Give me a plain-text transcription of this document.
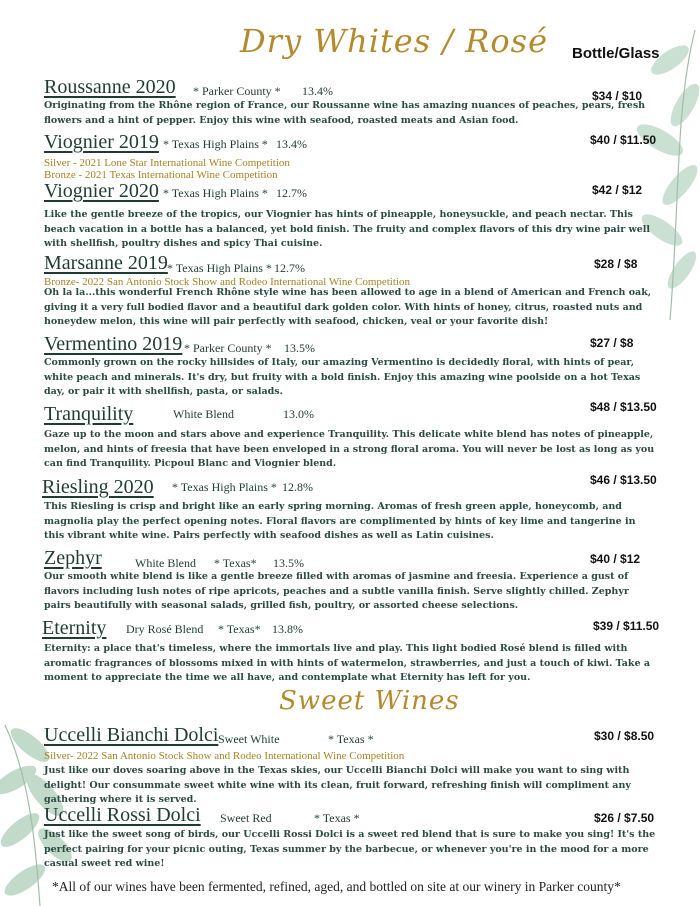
Dry Whites / Rosé Bottle/Glass
Roussanne 2020 * Parker County * 13.4%	$34 / $10
Originating from the Rhône region of France, our Roussanne wine has amazing nuances of peaches, pears, fresh flowers and a hint of pepper. Enjoy this wine with seafood, roasted meats and Asian food.
Viognier 2019 * Texas High Plains * 13.4%	$40 / $11.50
Silver - 2021 Lone Star International Wine Competition
Bronze - 2021 Texas International Wine Competition
Viognier 2020 * Texas High Plains * 12.7%	$42 / $12
Like the gentle breeze of the tropics, our Viognier has hints of pineapple, honeysuckle, and peach nectar. This beach vacation in a bottle has a balanced, yet bold finish. The fruity and complex flavors of this dry wine pair well with shellfish, poultry dishes and spicy Thai cuisine.
Marsanne 2019 * Texas High Plains * 12.7%	$28 / $8
Bronze- 2022 San Antonio Stock Show and Rodeo International Wine Competition
Oh la la...this wonderful French Rhône style wine has been allowed to age in a blend of American and French oak, giving it a very full bodied flavor and a beautiful dark golden color. With hints of honey, citrus, roasted nuts and honeydew melon, this wine will pair perfectly with seafood, chicken, veal or your favorite dish!
Vermentino 2019 * Parker County * 13.5%	$27 / $8
Commonly grown on the rocky hillsides of Italy, our amazing Vermentino is decidedly floral, with hints of pear, white peach and minerals. It's dry, but fruity with a bold finish. Enjoy this amazing wine poolside on a hot Texas day, or pair it with shellfish, pasta, or salads.
Tranquility	White Blend	13.0%	$48 / $13.50
Gaze up to the moon and stars above and experience Tranquility. This delicate white blend has notes of pineapple, melon, and hints of freesia that have been enveloped in a strong floral aroma. You will never be lost as long as you can find Tranquility. Picpoul Blanc and Viognier blend.
Riesling 2020 * Texas High Plains * 12.8%	$46 / $13.50
This Riesling is crisp and bright like an early spring morning. Aromas of fresh green apple, honeycomb, and magnolia play the perfect opening notes. Floral flavors are complimented by hints of key lime and tangerine in this vibrant white wine. Pairs perfectly with seafood dishes as well as Latin cuisines.
Zephyr	White Blend * Texas* 13.5%	$40 / $12
Our smooth white blend is like a gentle breeze filled with aromas of jasmine and freesia. Experience a gust of flavors including lush notes of ripe apricots, peaches and a subtle vanilla finish. Serve slightly chilled. Zephyr pairs beautifully with seasonal salads, grilled fish, poultry, or assorted cheese selections.
Eternity Dry Rosé Blend * Texas* 13.8%	$39 / $11.50
Eternity: a place that's timeless, where the immortals live and play. This light bodied Rosé blend is filled with aromatic fragrances of blossoms mixed in with hints of watermelon, strawberries, and just a touch of kiwi. Take a moment to appreciate the time we all have, and contemplate what Eternity has left for you.
Sweet Wines
Uccelli Bianchi Dolci Sweet White	* Texas *	$30 / $8.50
Silver- 2022 San Antonio Stock Show and Rodeo International Wine Competition
Just like our doves soaring above in the Texas skies, our Uccelli Bianchi Dolci will make you want to sing with delight! Our consummate sweet white wine with its clean, fruit forward, refreshing finish will compliment any gathering where it is served.
Uccelli Rossi Dolci Sweet Red	* Texas *	$26 / $7.50
Just like the sweet song of birds, our Uccelli Rossi Dolci is a sweet red blend that is sure to make you sing! It's the perfect pairing for your picnic outing, Texas summer by the barbecue, or whenever you're in the mood for a more casual sweet red wine!
*All of our wines have been fermented, refined, aged, and bottled on site at our winery in Parker county*
